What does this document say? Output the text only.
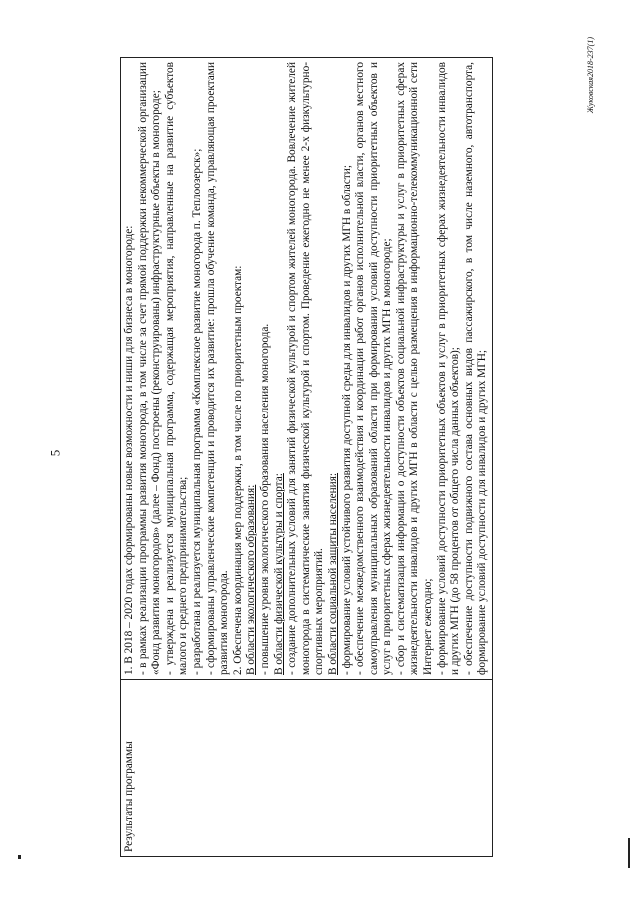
5
Результаты программы	
1. В 2018 – 2020 годах сформированы новые возможности и ниши для бизнеса в моногороде: - в рамках реализации программы развития моногорода, в том числе за счет прямой поддержки некоммерческой организации «Фонд развития моногородов» (далее – Фонд) построены (реконструированы) инфраструктурные объекты в моногороде; - утверждена и реализуется муниципальная программа, содержащая мероприятия, направленные на развитие субъектов малого и среднего предпринимательства; - разработана и реализуется муниципальная программа «Комплексное развитие моногорода п. Теплоозерск»; - сформированы управленческие компетенции и проводится их развитие: прошла обучение команда, управляющая проектами развития моногорода. 2. Обеспечена координация мер поддержки, в том числе по приоритетным проектам: В области экологического образования: - повышение уровня экологического образования населения моногорода. В области физической культуры и спорта: - создание дополнительных условий для занятий физической культурой и спортом жителей моногорода. Вовлечение жителей моногорода в систематические занятия физической культурой и спортом. Проведение ежегодно не менее 2-х физкультурно- спортивных мероприятий. В области социальной защиты населения: - формирование условий устойчивого развития доступной среды для инвалидов и других МГН в области; - обеспечение межведомственного взаимодействия и координации работ органов исполнительной власти, органов местного самоуправления муниципальных образований области при формировании условий доступности приоритетных объектов и услуг в приоритетных сферах жизнедеятельности инвалидов и других МГН в моногороде; - сбор и систематизация информации о доступности объектов социальной инфраструктуры и услуг в приоритетных сферах жизнедеятельности инвалидов и других МГН в области с целью размещения в информационно-телекоммуникационной сети Интернет ежегодно; - формирование условий доступности приоритетных объектов и услуг в приоритетных сферах жизнедеятельности инвалидов и других МГН (до 58 процентов от общего числа данных объектов); - обеспечение доступности подвижного состава основных видов пассажирского, в том числе наземного, автотранспорта, формирование условий доступности для инвалидов и других МГН;
Жуковская2018-237(1)
